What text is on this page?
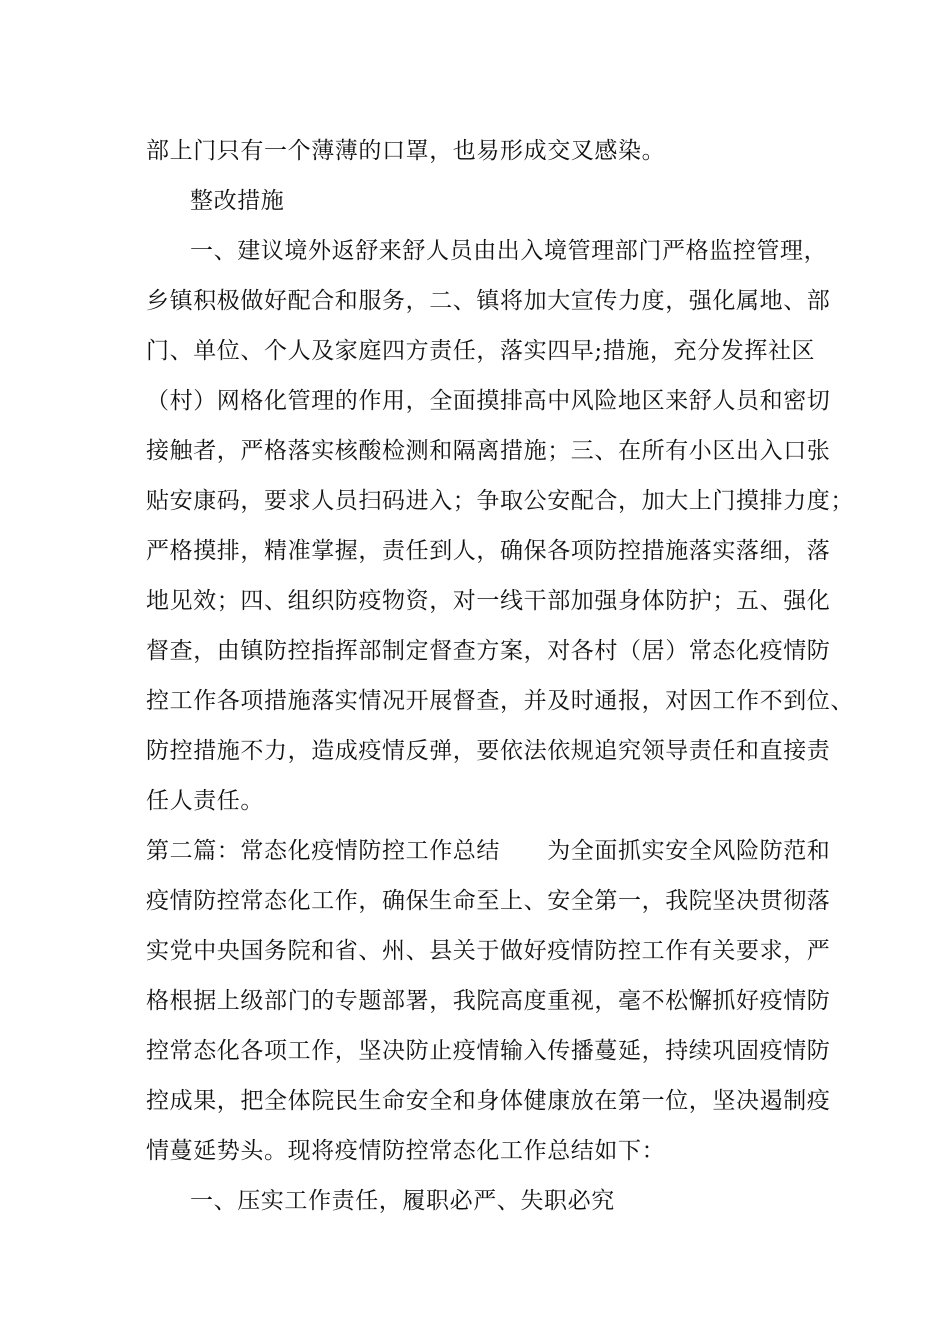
部上门只有一个薄薄的口罩，也易形成交叉感染。
整改措施
一、建议境外返舒来舒人员由出入境管理部门严格监控管理，
乡镇积极做好配合和服务，二、镇将加大宣传力度，强化属地、部
门、单位、个人及家庭四方责任，落实四早;措施，充分发挥社区
（村）网格化管理的作用，全面摸排高中风险地区来舒人员和密切
接触者，严格落实核酸检测和隔离措施；三、在所有小区出入口张
贴安康码，要求人员扫码进入；争取公安配合，加大上门摸排力度；
严格摸排，精准掌握，责任到人，确保各项防控措施落实落细，落
地见效；四、组织防疫物资，对一线干部加强身体防护；五、强化
督查，由镇防控指挥部制定督查方案，对各村（居）常态化疫情防
控工作各项措施落实情况开展督查，并及时通报，对因工作不到位、
防控措施不力，造成疫情反弹，要依法依规追究领导责任和直接责
任人责任。
第二篇：常态化疫情防控工作总结　　为全面抓实安全风险防范和
疫情防控常态化工作，确保生命至上、安全第一，我院坚决贯彻落
实党中央国务院和省、州、县关于做好疫情防控工作有关要求，严
格根据上级部门的专题部署，我院高度重视，毫不松懈抓好疫情防
控常态化各项工作，坚决防止疫情输入传播蔓延，持续巩固疫情防
控成果，把全体院民生命安全和身体健康放在第一位，坚决遏制疫
情蔓延势头。现将疫情防控常态化工作总结如下：
一、压实工作责任，履职必严、失职必究
